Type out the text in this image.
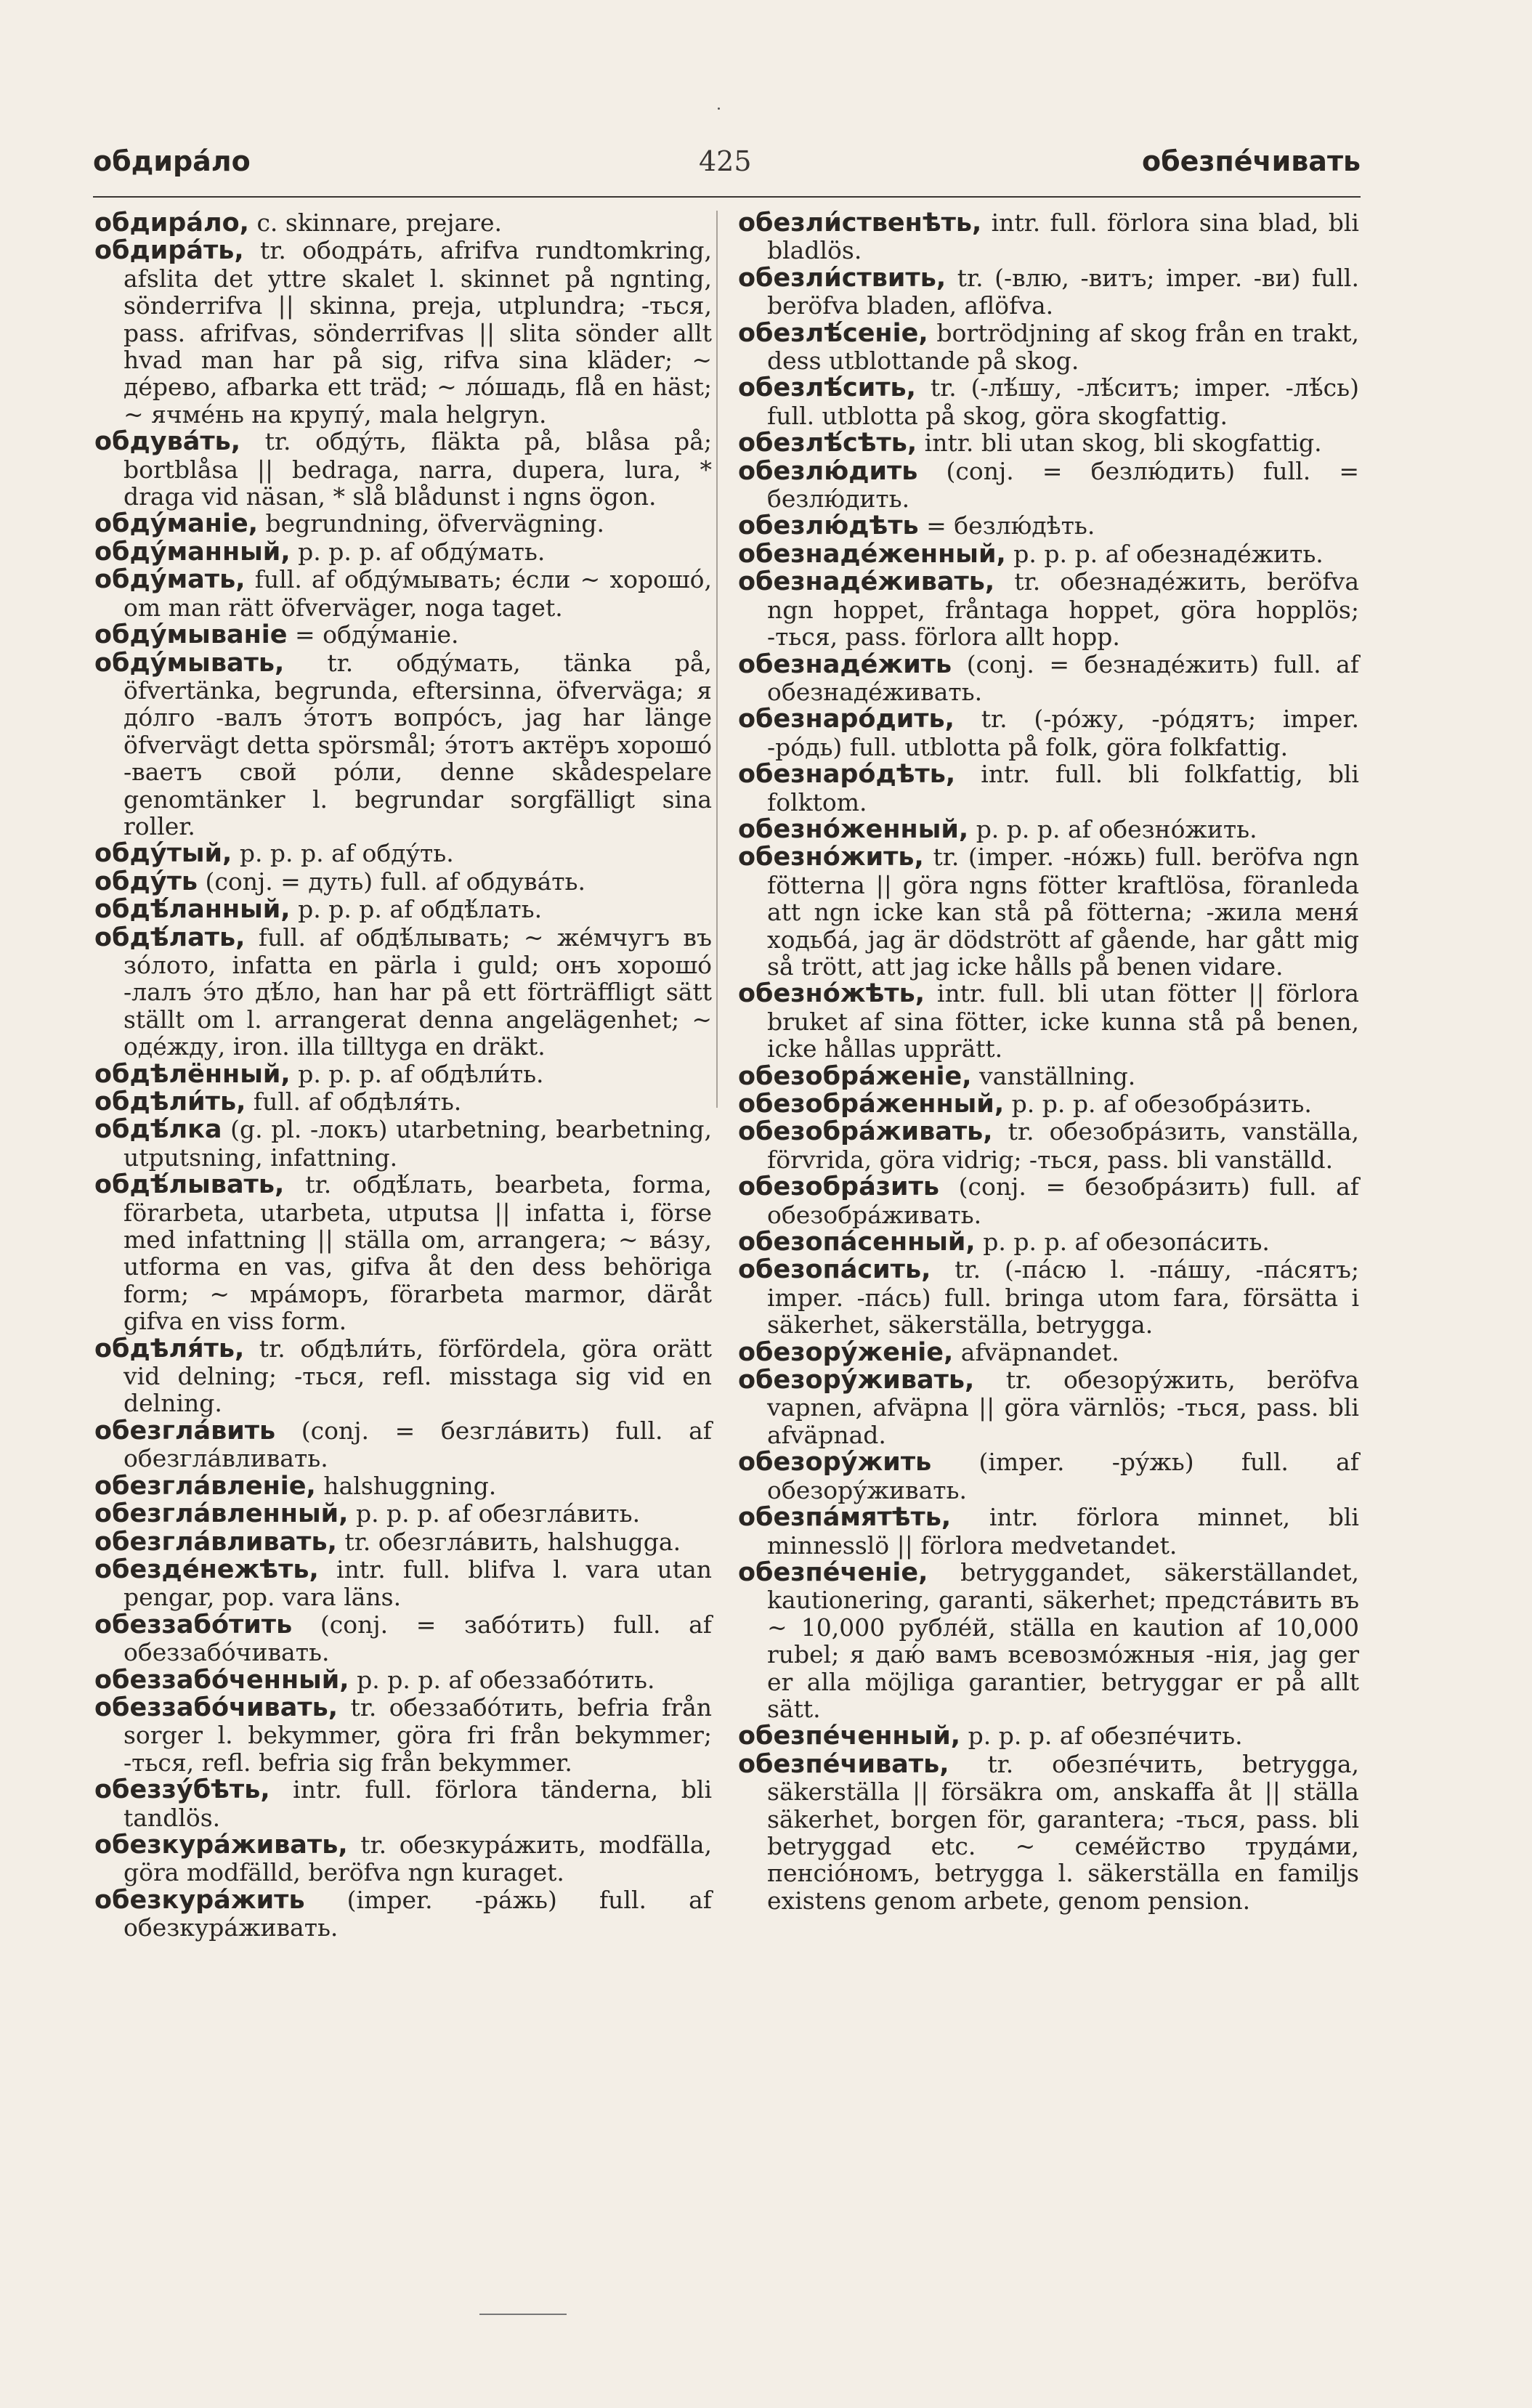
обдирáло	425	обезпéчивать

обдирáло, c. skinnare, prejare.

обдирáть, tr. ободрáть, afrifva rundtomkring, afslita det yttre skalet l. skinnet på ngnting, sönderrifva || skinna, preja, utplundra; -ться, pass. afrifvas, sönderrifvas || slita sönder allt hvad man har på sig, rifva sina kläder; ~ дéрево, afbarka ett träd; ~ лóшадь, flå en häst; ~ ячмéнь на крупу́, mala helgryn.

обдувáть, tr. обду́ть, fläkta på, blåsa på; bortblåsa || bedraga, narra, dupera, lura, * draga vid näsan, * slå blådunst i ngns ögon.

обду́маніе, begrundning, öfvervägning.

обду́манный, p. p. p. af обду́мать.

обду́мать, full. af обду́мывать; éсли ~ хорошó, om man rätt öfverväger, noga taget.

обду́мываніе = обду́маніе.

обду́мывать, tr. обду́мать, tänka på, öfvertänka, begrunda, eftersinna, öfverväga; я дóлго -валъ э́тотъ вопрóсъ, jag har länge öfvervägt detta spörsmål; э́тотъ актёръ хорошó -ваетъ свой рóли, denne skådespelare genomtänker l. begrundar sorgfälligt sina roller.

обду́тый, p. p. p. af обду́ть.

обду́ть (conj. = дуть) full. af обдувáть.

обдѣ́ланный, p. p. p. af обдѣ́лать.

обдѣ́лать, full. af обдѣ́лывать; ~ жéмчугъ въ зóлото, infatta en pärla i guld; онъ хорошó -лалъ э́то дѣ́ло, han har på ett förträffligt sätt ställt om l. arrangerat denna angelägenhet; ~ одéжду, iron. illa tilltyga en dräkt.

обдѣлённый, p. p. p. af обдѣли́ть.

обдѣли́ть, full. af обдѣля́ть.

обдѣ́лка (g. pl. -локъ) utarbetning, bearbetning, utputsning, infattning.

обдѣ́лывать, tr. обдѣ́лать, bearbeta, forma, förarbeta, utarbeta, utputsa || infatta i, förse med infattning || ställa om, arrangera; ~ вáзу, utforma en vas, gifva åt den dess behöriga form; ~ мрáморъ, förarbeta marmor, däråt gifva en viss form.

обдѣля́ть, tr. обдѣли́ть, förfördela, göra orätt vid delning; -ться, refl. misstaga sig vid en delning.

обезглáвить (conj. = безглáвить) full. af обезглáвливать.

обезглáвленіе, halshuggning.

обезглáвленный, p. p. p. af обезглáвить.

обезглáвливать, tr. обезглáвить, halshugga.

обездéнежѣть, intr. full. blifva l. vara utan pengar, pop. vara läns.

обеззабóтить (conj. = забóтить) full. af обеззабóчивать.

обеззабóченный, p. p. p. af обеззабóтить.

обеззабóчивать, tr. обеззабóтить, befria från sorger l. bekymmer, göra fri från bekymmer; -ться, refl. befria sig från bekymmer.

обеззу́бѣть, intr. full. förlora tänderna, bli tandlös.

обезкурáживать, tr. обезкурáжить, modfälla, göra modfälld, beröfva ngn kuraget.

обезкурáжить (imper. -рáжь) full. af обезкурáживать.

обезли́ственѣть, intr. full. förlora sina blad, bli bladlös.

обезли́ствить, tr. (-влю, -витъ; imper. -ви) full. beröfva bladen, aflöfva.

обезлѣ́сеніе, bortrödjning af skog från en trakt, dess utblottande på skog.

обезлѣ́сить, tr. (-лѣ́шу, -лѣ́ситъ; imper. -лѣ́сь) full. utblotta på skog, göra skogfattig.

обезлѣ́сѣть, intr. bli utan skog, bli skogfattig.

обезлю́дить (conj. = безлю́дить) full. = безлю́дить.

обезлю́дѣть = безлю́дѣть.

обезнадéженный, p. p. p. af обезнадéжить.

обезнадéживать, tr. обезнадéжить, beröfva ngn hoppet, fråntaga hoppet, göra hopplös; -ться, pass. förlora allt hopp.

обезнадéжить (conj. = безнадéжить) full. af обезнадéживать.

обезнарóдить, tr. (-рóжу, -рóдятъ; imper. -рóдь) full. utblotta på folk, göra folkfattig.

обезнарóдѣть, intr. full. bli folkfattig, bli folktom.

обезнóженный, p. p. p. af обезнóжить.

обезнóжить, tr. (imper. -нóжь) full. beröfva ngn fötterna || göra ngns fötter kraftlösa, föranleda att ngn icke kan stå på fötterna; -жила меня́ ходьбá, jag är dödstrött af gående, har gått mig så trött, att jag icke hålls på benen vidare.

обезнóжѣть, intr. full. bli utan fötter || förlora bruket af sina fötter, icke kunna stå på benen, icke hållas upprätt.

обезобрáженіе, vanställning.

обезобрáженный, p. p. p. af обезобрáзить.

обезобрáживать, tr. обезобрáзить, vanställa, förvrida, göra vidrig; -ться, pass. bli vanställd.

обезобрáзить (conj. = безобрáзить) full. af обезобрáживать.

обезопáсенный, p. p. p. af обезопáсить.

обезопáсить, tr. (-пáсю l. -пáшу, -пáсятъ; imper. -пáсь) full. bringa utom fara, försätta i säkerhet, säkerställa, betrygga.

обезору́женіе, afväpnandet.

обезору́живать, tr. обезору́жить, beröfva vapnen, afväpna || göra värnlös; -ться, pass. bli afväpnad.

обезору́жить (imper. -ру́жь) full. af обезору́живать.

обезпáмятѣть, intr. förlora minnet, bli minnesslö || förlora medvetandet.

обезпéченіе, betryggandet, säkerställandet, kautionering, garanti, säkerhet; предстáвить въ ~ 10,000 рублéй, ställa en kaution af 10,000 rubel; я даю́ вамъ всевозмóжныя -нія, jag ger er alla möjliga garantier, betryggar er på allt sätt.

обезпéченный, p. p. p. af обезпéчить.

обезпéчивать, tr. обезпéчить, betrygga, säkerställa || försäkra om, anskaffa åt || ställa säkerhet, borgen för, garantera; -ться, pass. bli betryggad etc. ~ семéйство трудáми, пенсióномъ, betrygga l. säkerställa en familjs existens genom arbete, genom pension.
